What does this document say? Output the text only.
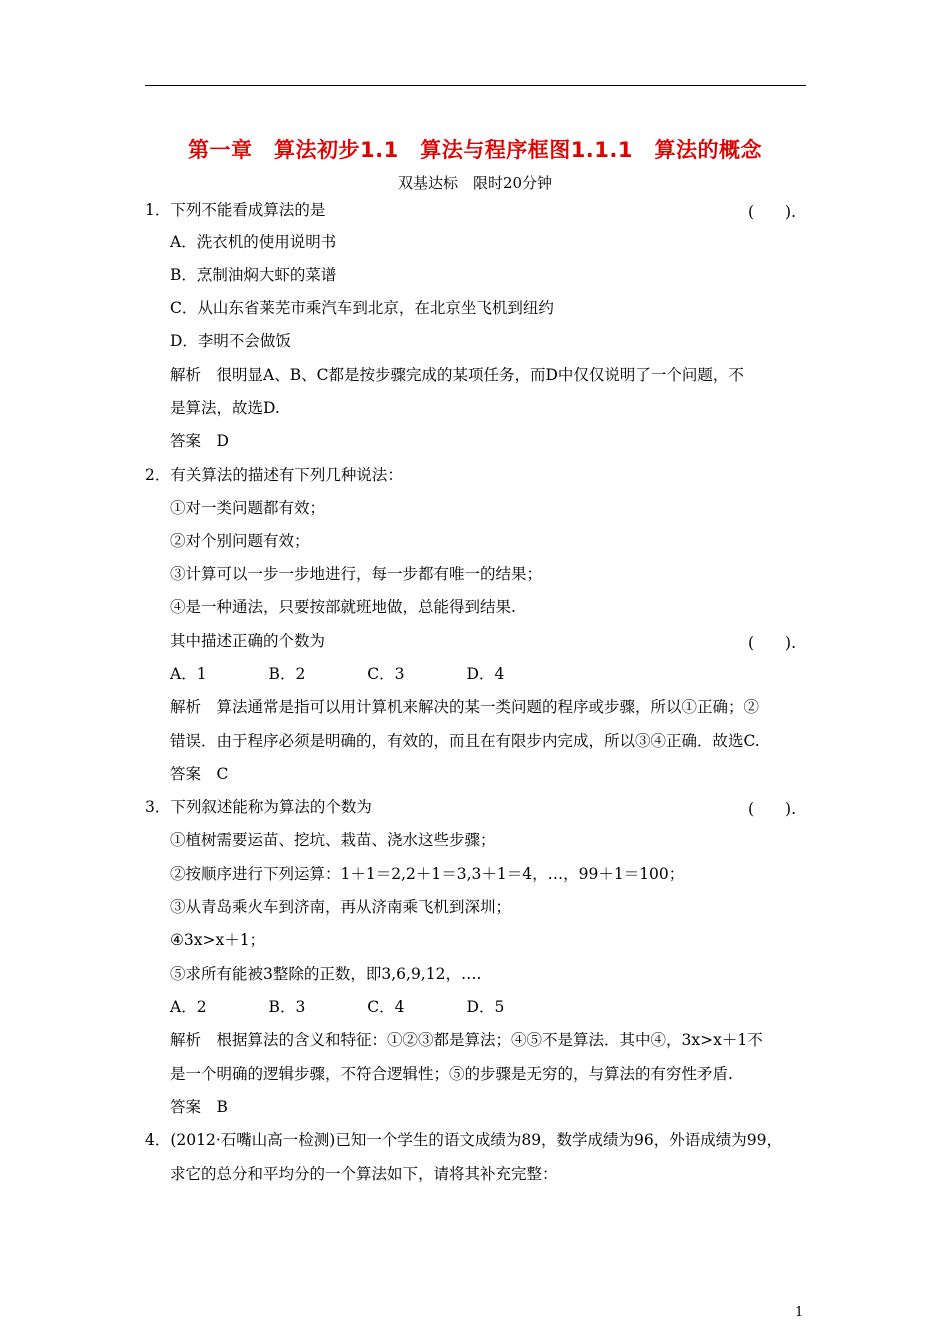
第一章　算法初步1.1　算法与程序框图1.1.1　算法的概念
双基达标　限时20分钟
1．下列不能看成算法的是
A．洗衣机的使用说明书
B．烹制油焖大虾的菜谱
C．从山东省莱芜市乘汽车到北京，在北京坐飞机到纽约
D．李明不会做饭
解析　很明显A、B、C都是按步骤完成的某项任务，而D中仅仅说明了一个问题，不
是算法，故选D.
答案　D
2．有关算法的描述有下列几种说法：
①对一类问题都有效；
②对个别问题有效；
③计算可以一步一步地进行，每一步都有唯一的结果；
④是一种通法，只要按部就班地做，总能得到结果.
其中描述正确的个数为
A．1　　　　B．2　　　　C．3　　　　D．4
解析　算法通常是指可以用计算机来解决的某一类问题的程序或步骤，所以①正确；②
错误．由于程序必须是明确的，有效的，而且在有限步内完成，所以③④正确．故选C.
答案　C
3．下列叙述能称为算法的个数为
①植树需要运苗、挖坑、栽苗、浇水这些步骤；
②按顺序进行下列运算：1＋1＝2,2＋1＝3,3＋1＝4，…，99＋1＝100；
③从青岛乘火车到济南，再从济南乘飞机到深圳；
④3x>x＋1；
⑤求所有能被3整除的正数，即3,6,9,12，….
A．2　　　　B．3　　　　C．4　　　　D．5
解析　根据算法的含义和特征：①②③都是算法；④⑤不是算法．其中④，3x>x＋1不
是一个明确的逻辑步骤，不符合逻辑性；⑤的步骤是无穷的，与算法的有穷性矛盾.
答案　B
4．(2012·石嘴山高一检测)已知一个学生的语文成绩为89，数学成绩为96，外语成绩为99，
求它的总分和平均分的一个算法如下，请将其补充完整：
(　　).
(　　).
(　　).
1
